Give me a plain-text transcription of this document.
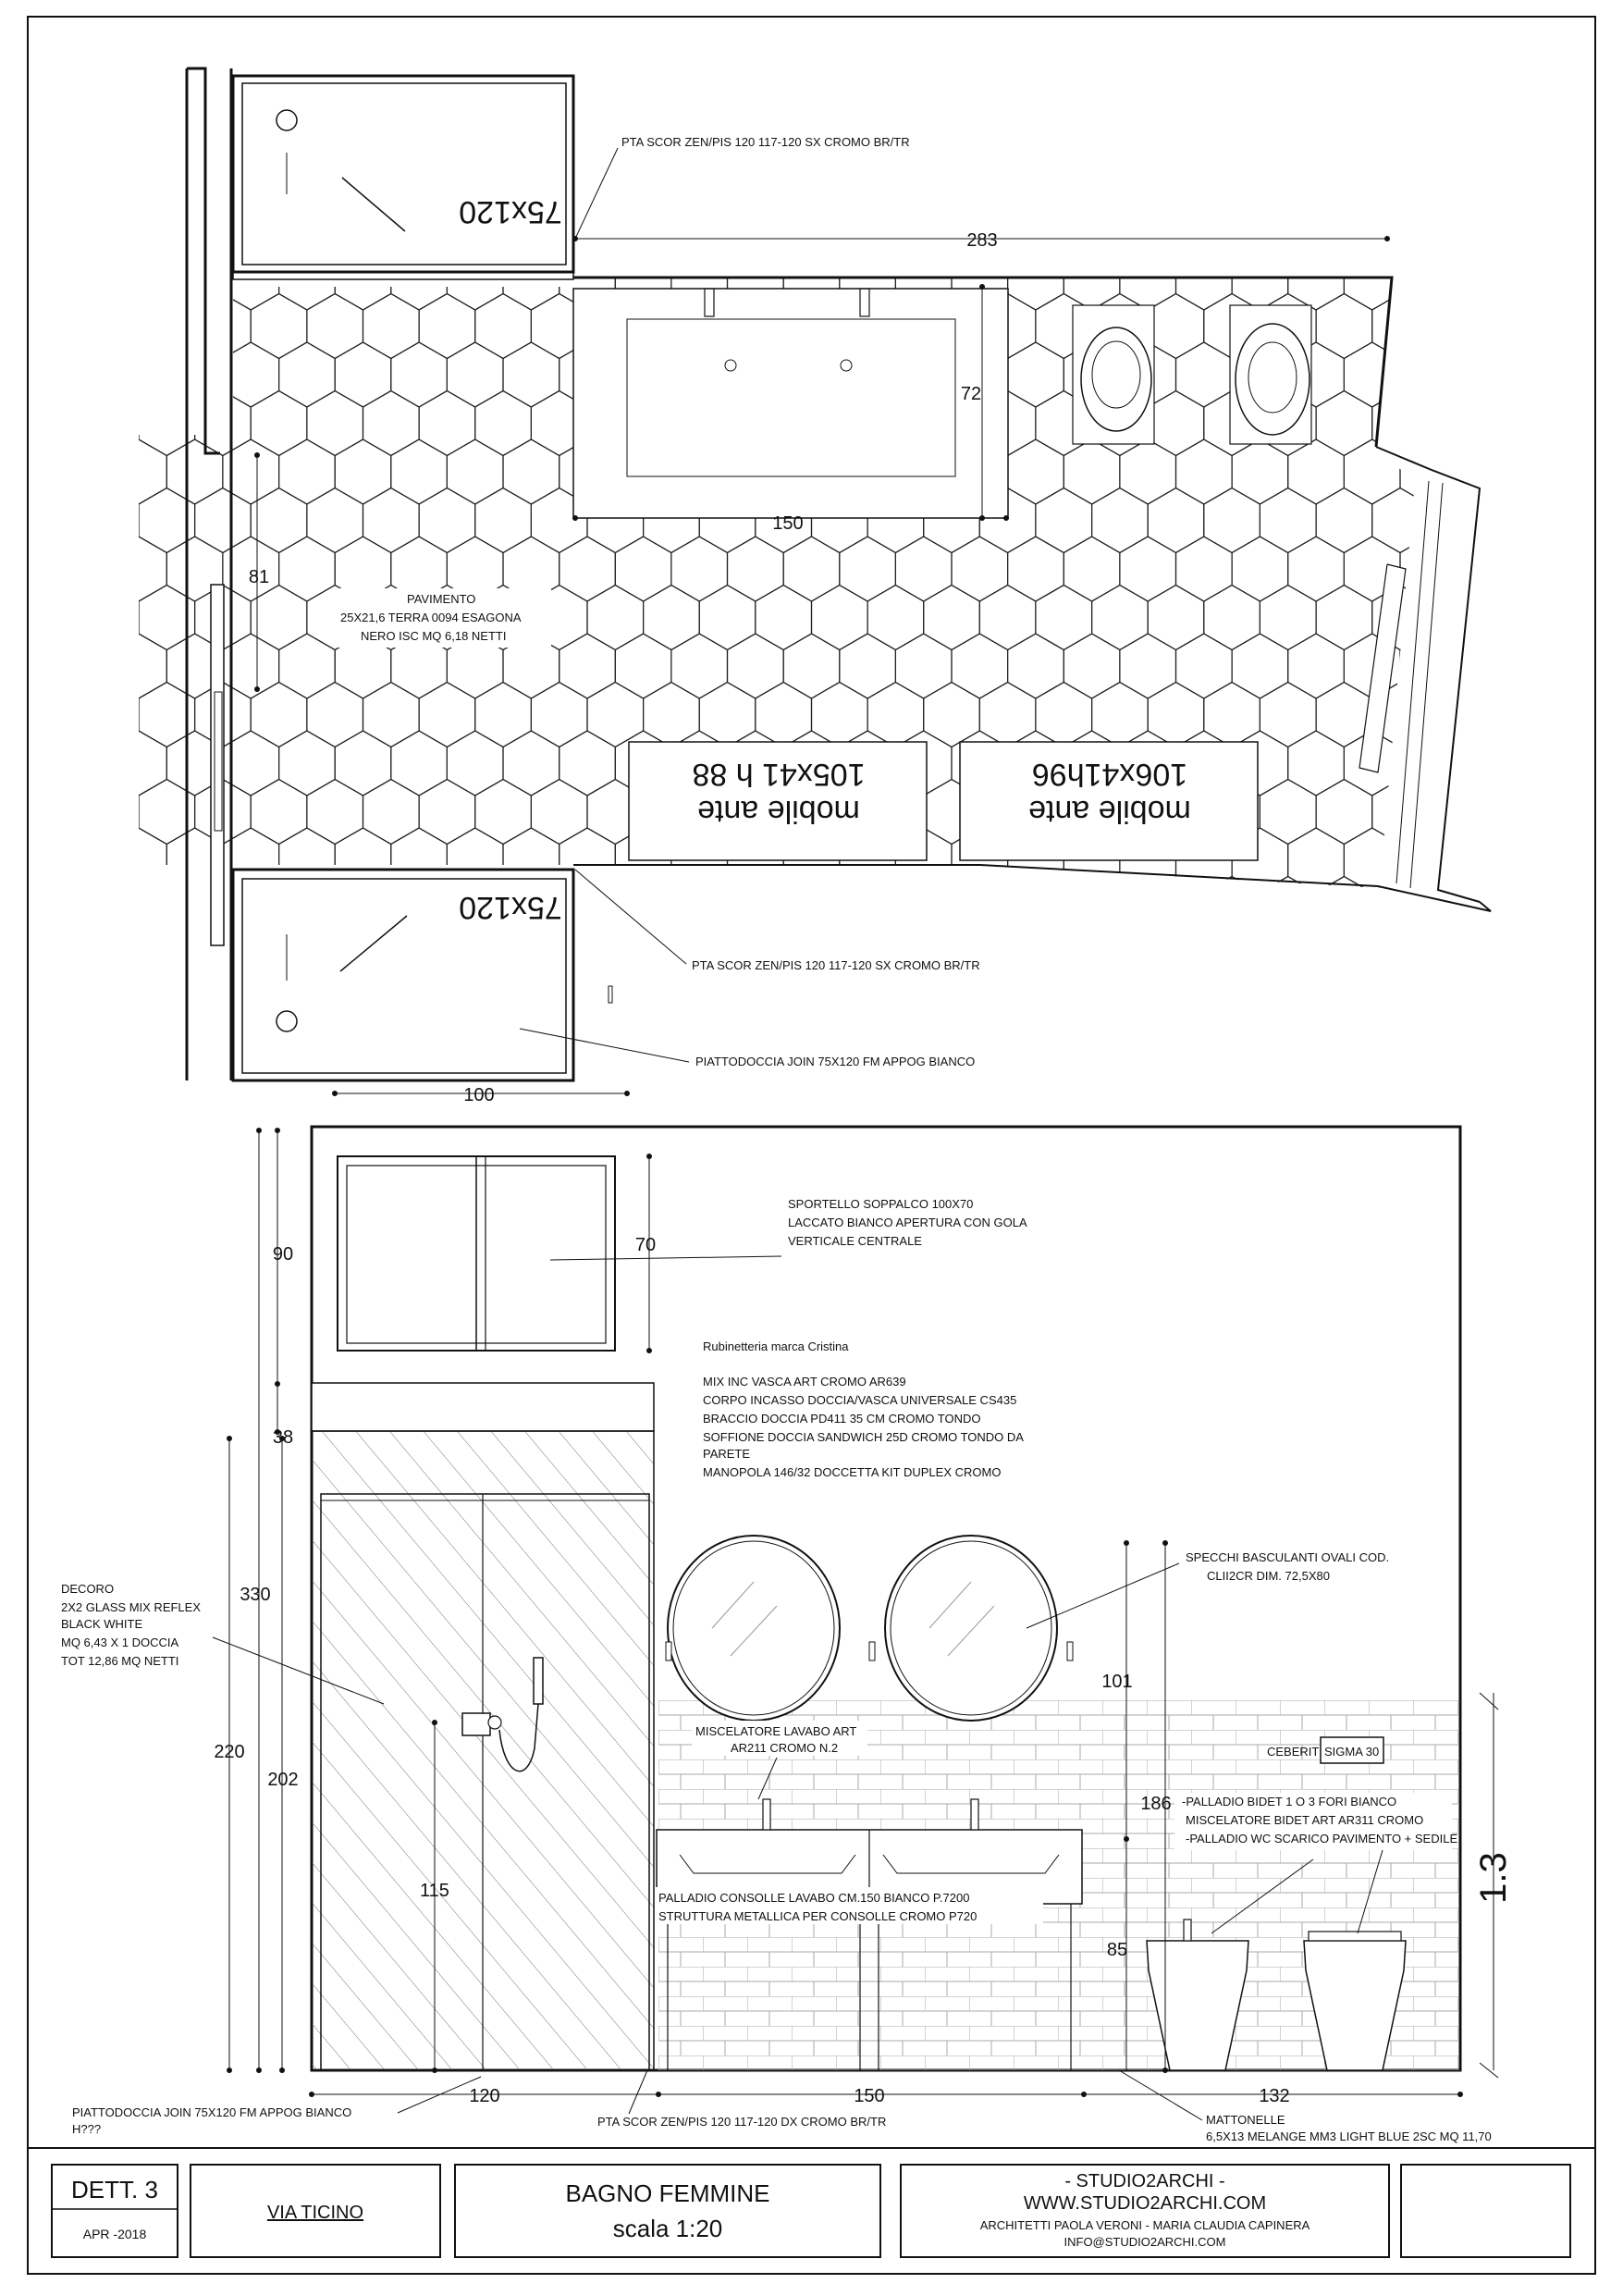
75x120
75x120
mobile ante
105x41 h 88
mobile ante
106x41h96
283
72
150
81
100
PTA SCOR ZEN/PIS 120 117-120 SX CROMO BR/TR
PTA SCOR ZEN/PIS 120 117-120 SX CROMO BR/TR
PIATTODOCCIA JOIN 75X120 FM APPOG BIANCO
PAVIMENTO
25X21,6 TERRA 0094 ESAGONA
NERO ISC MQ 6,18 NETTI
90	70
38
330
220
202
115
101
186
85
1.3
120	150	132
SPORTELLO SOPPALCO 100X70
LACCATO BIANCO APERTURA CON GOLA
VERTICALE CENTRALE
Rubinetteria marca Cristina
MIX INC VASCA ART CROMO AR639
CORPO INCASSO DOCCIA/VASCA UNIVERSALE CS435
BRACCIO DOCCIA PD411 35 CM CROMO TONDO
SOFFIONE DOCCIA SANDWICH 25D CROMO TONDO DA
PARETE
MANOPOLA 146/32 DOCCETTA KIT DUPLEX CROMO
SPECCHI BASCULANTI OVALI COD.
CLII2CR DIM. 72,5X80
DECORO
2X2 GLASS MIX REFLEX
BLACK WHITE
MQ 6,43 X 1 DOCCIA
TOT 12,86 MQ NETTI
MISCELATORE LAVABO ART
AR211 CROMO N.2	CEBERIT SIGMA 30
-PALLADIO BIDET 1 O 3 FORI BIANCO
MISCELATORE BIDET ART AR311 CROMO
-PALLADIO WC SCARICO PAVIMENTO + SEDILE
PALLADIO CONSOLLE LAVABO CM.150 BIANCO P.7200
STRUTTURA METALLICA PER CONSOLLE CROMO P720
PIATTODOCCIA JOIN 75X120 FM APPOG BIANCO
H???
PTA SCOR ZEN/PIS 120 117-120 DX CROMO BR/TR	MATTONELLE
6,5X13 MELANGE MM3 LIGHT BLUE 2SC MQ 11,70
DETT. 3
APR -2018
VIA TICINO
BAGNO FEMMINE
scala 1:20
- STUDIO2ARCHI -
WWW.STUDIO2ARCHI.COM
ARCHITETTI PAOLA VERONI - MARIA CLAUDIA CAPINERA
INFO@STUDIO2ARCHI.COM
